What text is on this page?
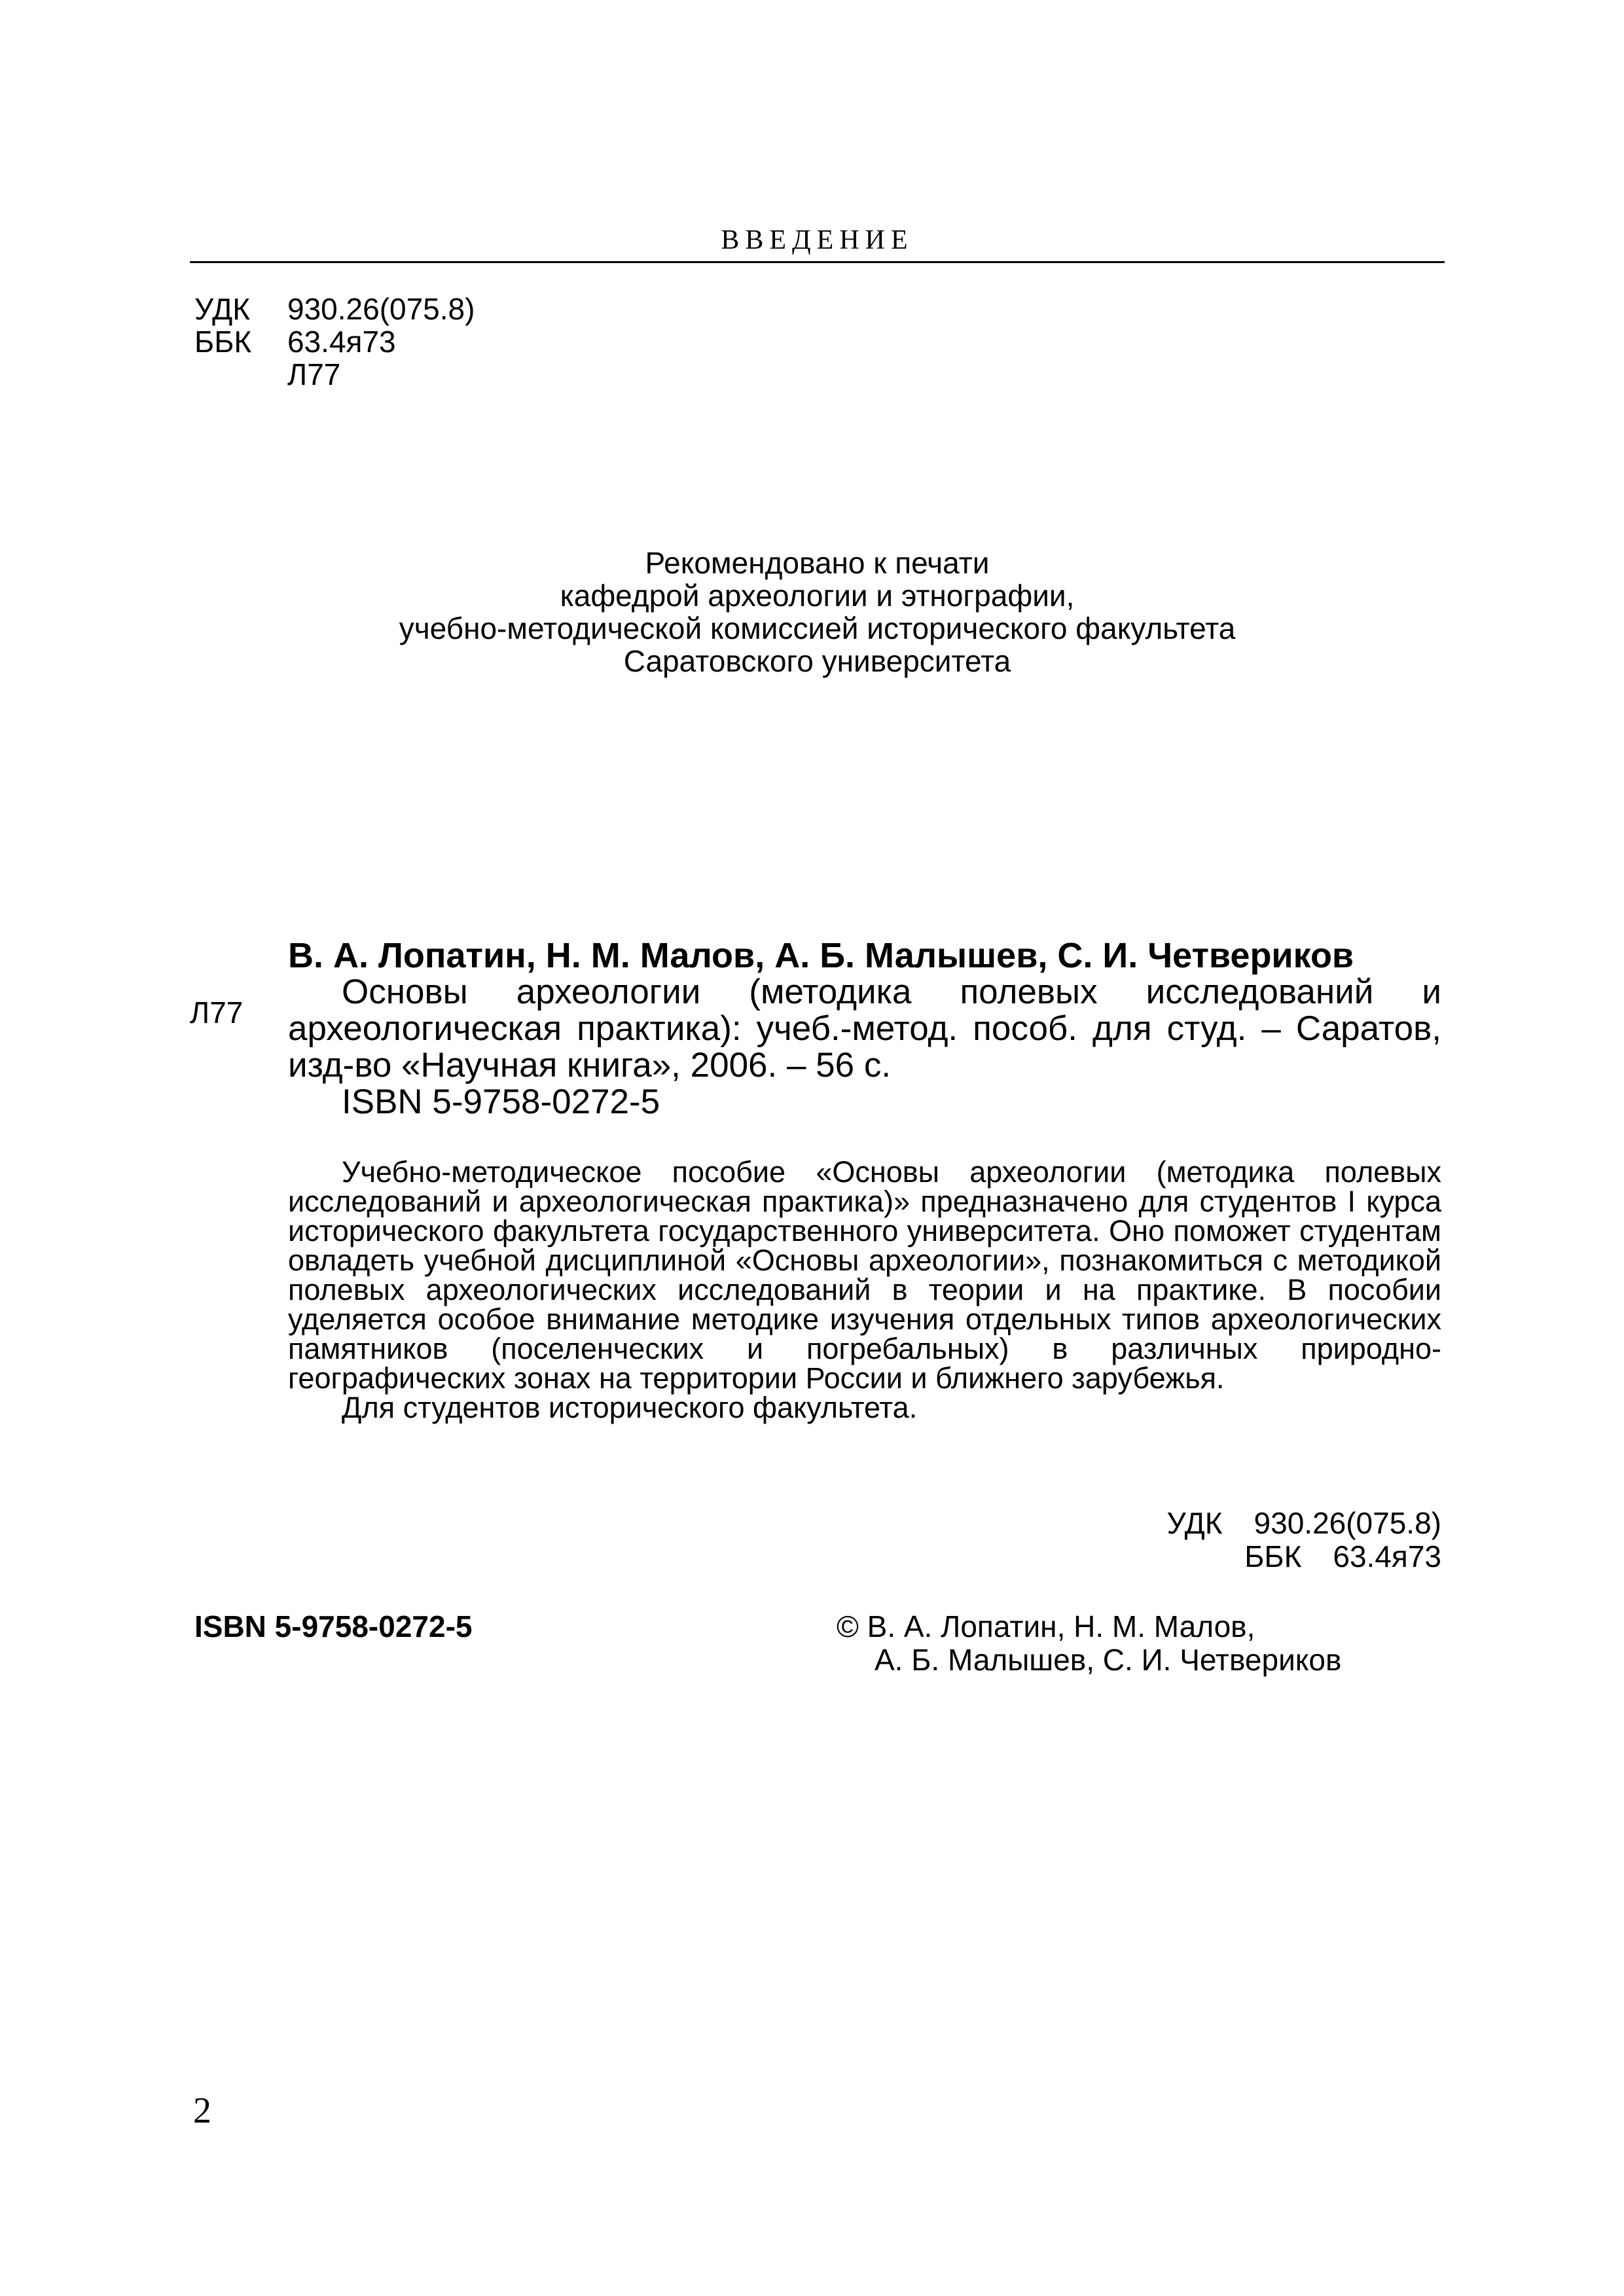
ВВЕДЕНИЕ
УДК	930.26(075.8)
ББК	63.4я73
Л77
Рекомендовано к печати
кафедрой археологии и этнографии,
учебно-методической комиссией исторического факультета
Саратовского университета
Л77
В. А. Лопатин, Н. М. Малов, А. Б. Малышев, С. И. Четвериков
Основы археологии (методика полевых исследований и археологическая практика): учеб.-метод. пособ. для студ. – Саратов, изд-во «Научная книга», 2006. – 56 с.
ISBN 5-9758-0272-5

Учебно-методическое пособие «Основы археологии (методика полевых исследований и археологическая практика)» предназначено для студентов I курса исторического факультета государственного университета. Оно поможет студентам овладеть учебной дисциплиной «Основы археологии», познакомиться с методикой полевых археологических исследований в теории и на практике. В пособии уделяется особое внимание методике изучения отдельных типов археологических памятников (поселенческих и погребальных) в различных природно-географических зонах на территории России и ближнего зарубежья.

Для студентов исторического факультета.

УДК 930.26(075.8)
ББК 63.4я73
ISBN 5-9758-0272-5	© В. А. Лопатин, Н. М. Малов,
А. Б. Малышев, С. И. Четвериков
2
